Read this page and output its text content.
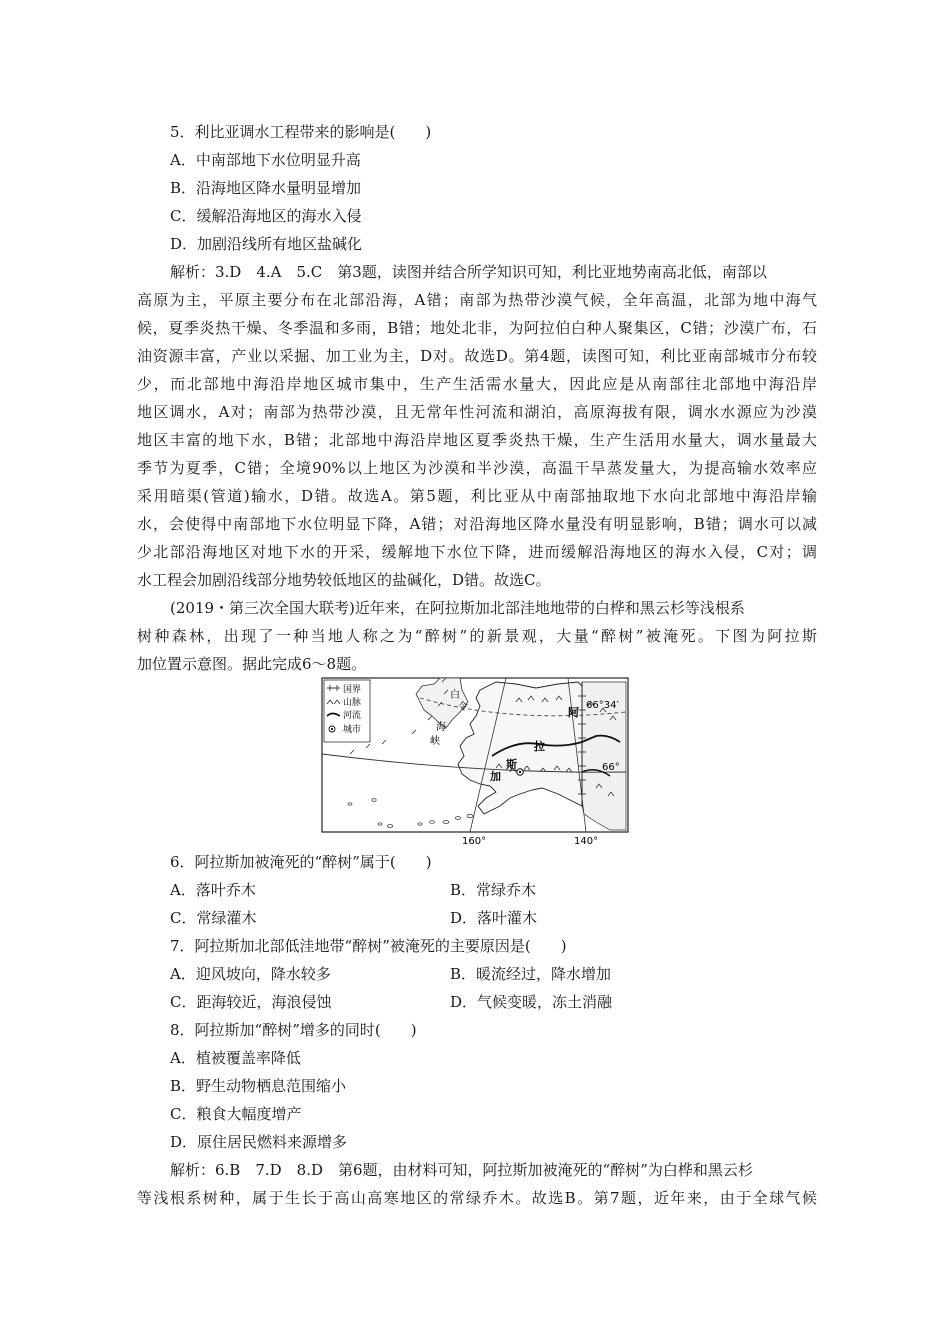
5．利比亚调水工程带来的影响是(　　)
A．中南部地下水位明显升高
B．沿海地区降水量明显增加
C．缓解沿海地区的海水入侵
D．加剧沿线所有地区盐碱化
解析：3.D　4.A　5.C　第3题，读图并结合所学知识可知，利比亚地势南高北低，南部以
高原为主，平原主要分布在北部沿海，A错；南部为热带沙漠气候，全年高温，北部为地中海气
候，夏季炎热干燥、冬季温和多雨，B错；地处北非，为阿拉伯白种人聚集区，C错；沙漠广布，石
油资源丰富，产业以采掘、加工业为主，D对。故选D。第4题，读图可知，利比亚南部城市分布较
少，而北部地中海沿岸地区城市集中，生产生活需水量大，因此应是从南部往北部地中海沿岸
地区调水，A对；南部为热带沙漠，且无常年性河流和湖泊，高原海拔有限，调水水源应为沙漠
地区丰富的地下水，B错；北部地中海沿岸地区夏季炎热干燥，生产生活用水量大，调水量最大
季节为夏季，C错；全境90%以上地区为沙漠和半沙漠，高温干旱蒸发量大，为提高输水效率应
采用暗渠(管道)输水，D错。故选A。第5题，利比亚从中南部抽取地下水向北部地中海沿岸输
水，会使得中南部地下水位明显下降，A错；对沿海地区降水量没有明显影响，B错；调水可以减
少北部沿海地区对地下水的开采，缓解地下水位下降，进而缓解沿海地区的海水入侵，C对；调
水工程会加剧沿线部分地势较低地区的盐碱化，D错。故选C。
(2019・第三次全国大联考)近年来，在阿拉斯加北部洼地地带的白桦和黑云杉等浅根系
树种森林，出现了一种当地人称之为“醉树”的新景观，大量“醉树”被淹死。下图为阿拉斯
加位置示意图。据此完成6～8题。
国界
山脉
河流
城市
白
令
海
峡
阿
拉
斯
加
66°34′
66°
160°	140°
6．阿拉斯加被淹死的“醉树”属于(　　)
A．落叶乔木	B．常绿乔木
C．常绿灌木	D．落叶灌木
7．阿拉斯加北部低洼地带“醉树”被淹死的主要原因是(　　)
A．迎风坡向，降水较多	B．暖流经过，降水增加
C．距海较近，海浪侵蚀	D．气候变暖，冻土消融
8．阿拉斯加“醉树”增多的同时(　　)
A．植被覆盖率降低
B．野生动物栖息范围缩小
C．粮食大幅度增产
D．原住居民燃料来源增多
解析：6.B　7.D　8.D　第6题，由材料可知，阿拉斯加被淹死的“醉树”为白桦和黑云杉
等浅根系树种，属于生长于高山高寒地区的常绿乔木。故选B。第7题，近年来，由于全球气候
